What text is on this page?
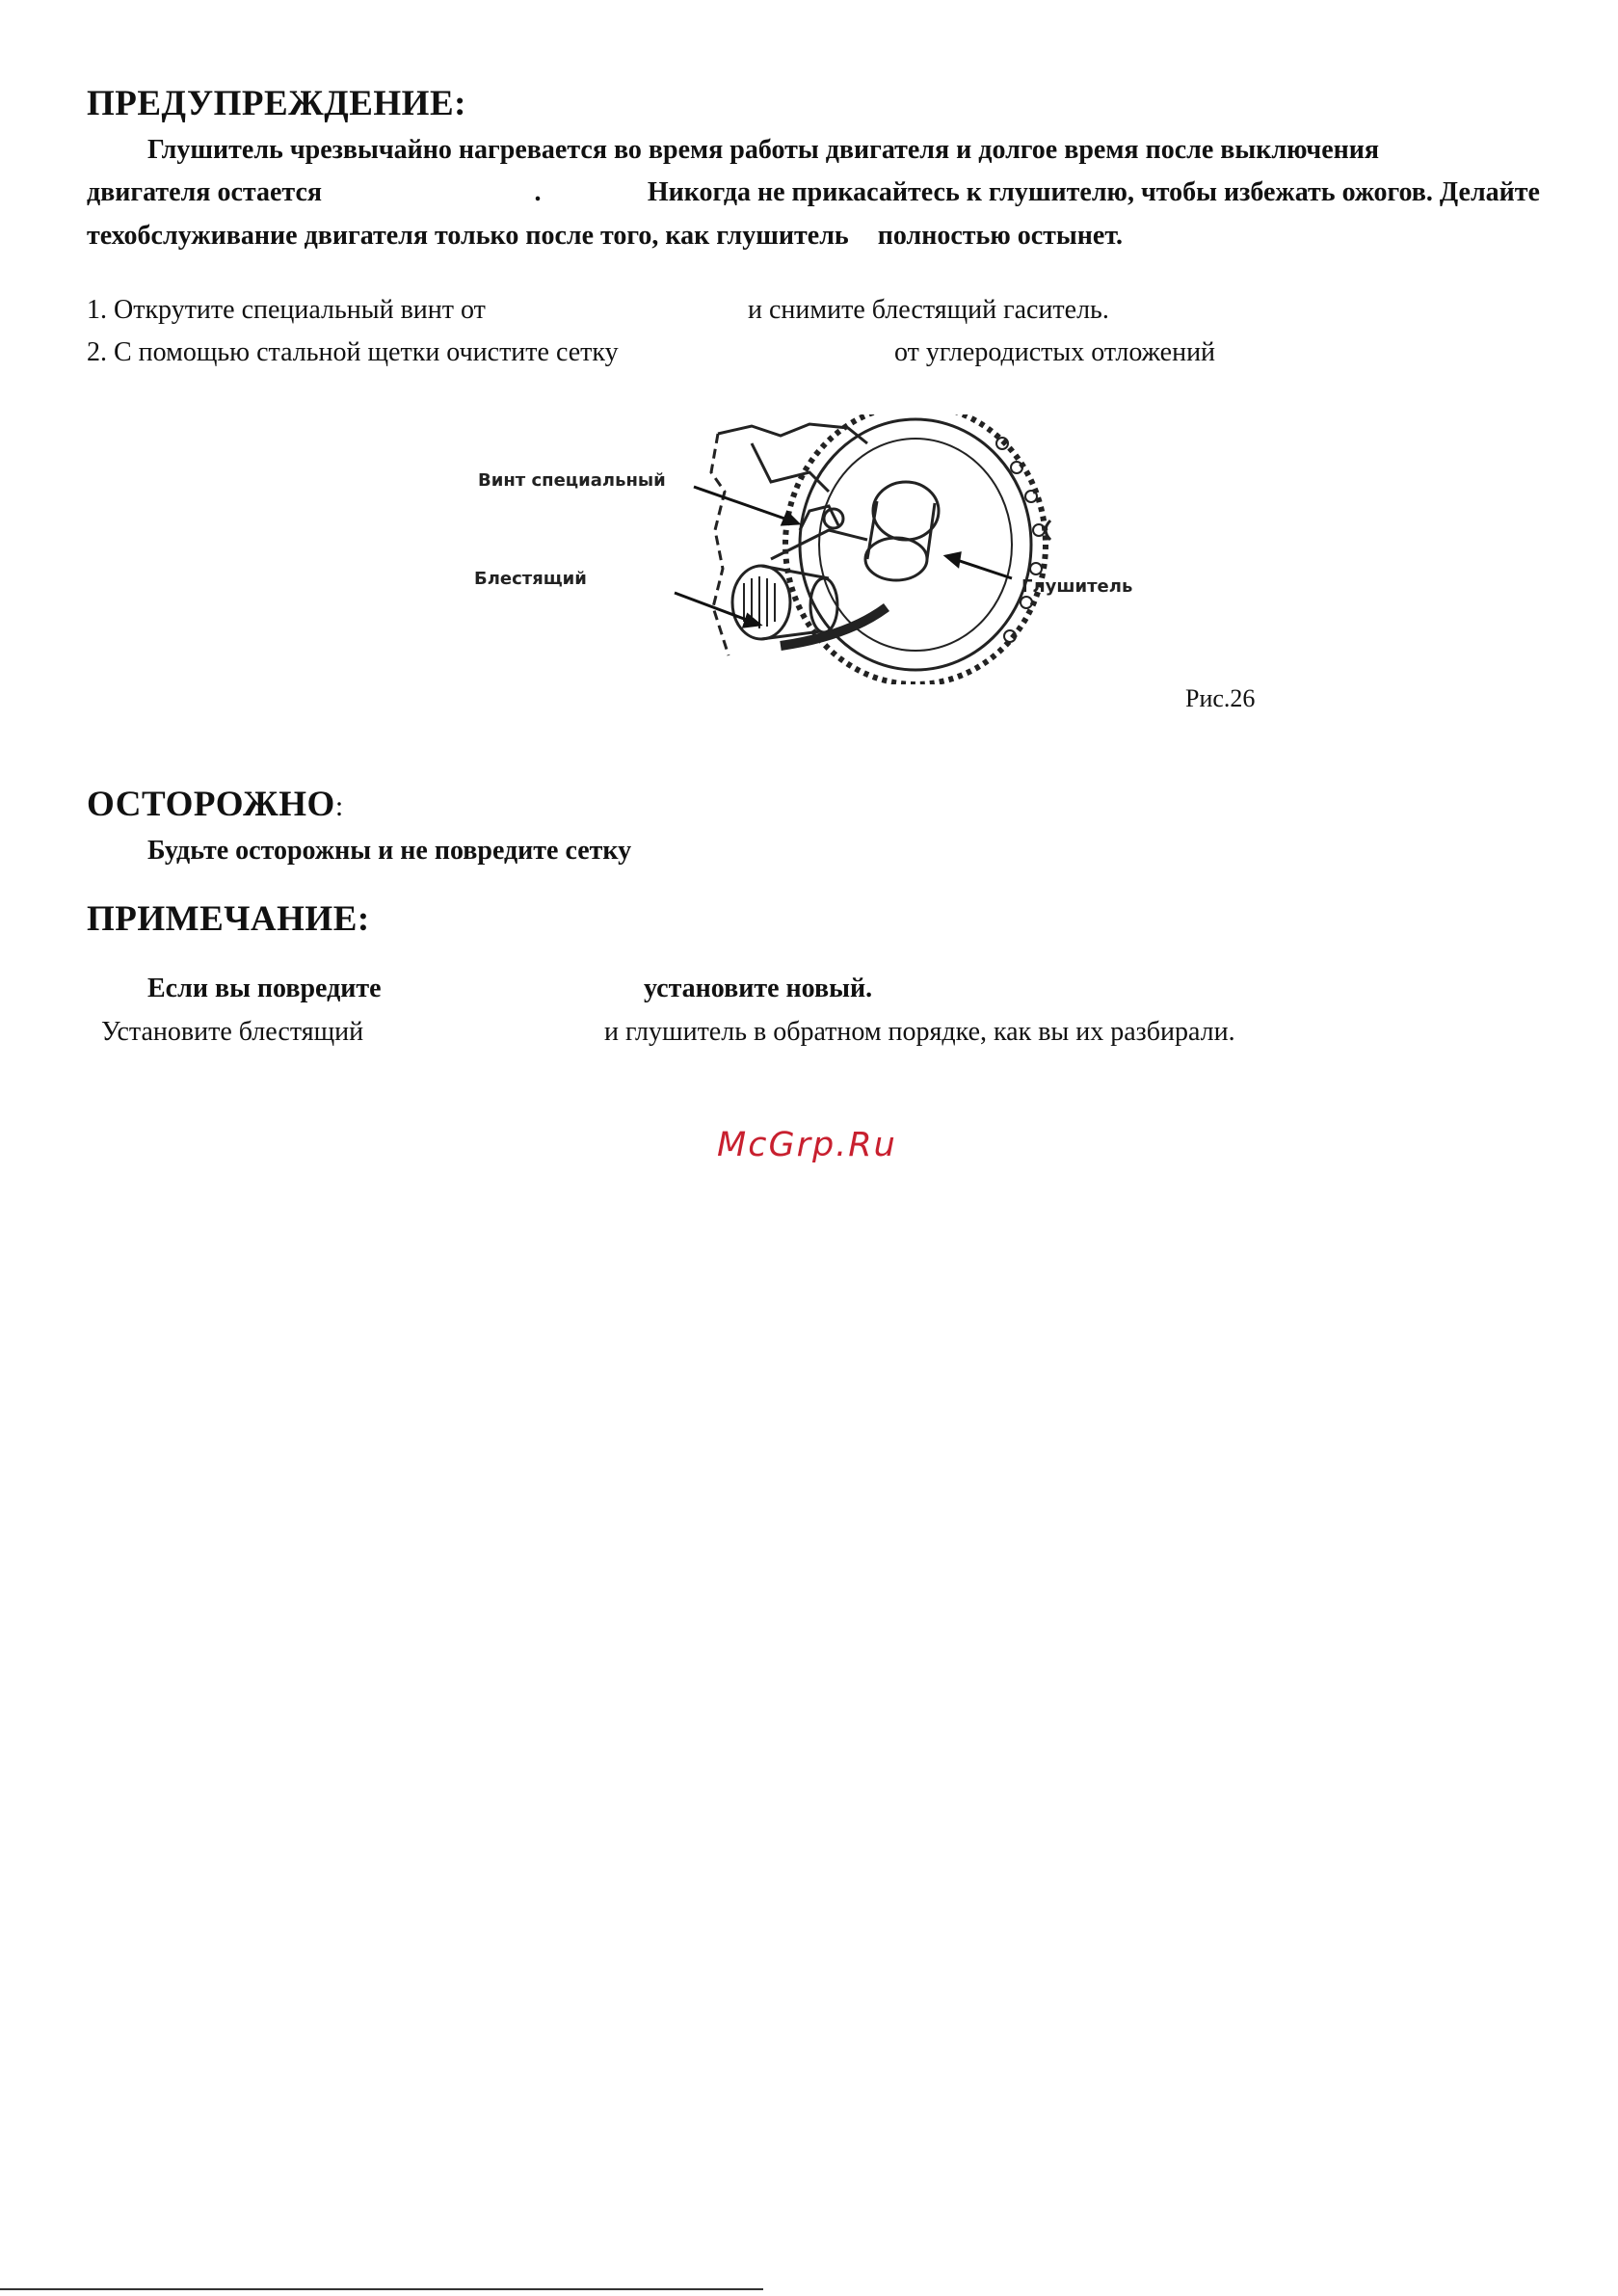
ПРЕДУПРЕЖДЕНИЕ:
Глушитель чрезвычайно нагревается во время работы двигателя и долгое время после выключения
двигателя остается	.	Никогда не прикасайтесь к глушителю, чтобы избежать ожогов. Делайте
техобслуживание двигателя только после того, как глушитель полностью остынет.
1. Открутите специальный винт от	и снимите блестящий гаситель.
2. С помощью стальной щетки очистите сетку	от углеродистых отложений
Винт специальный
Блестящий	Глушитель
Рис.26
ОСТОРОЖНО:
Будьте осторожны и не повредите сетку
ПРИМЕЧАНИЕ:
Если вы повредите	установите новый.
Установите блестящий	и глушитель в обратном порядке, как вы их разбирали.
McGrp.Ru
